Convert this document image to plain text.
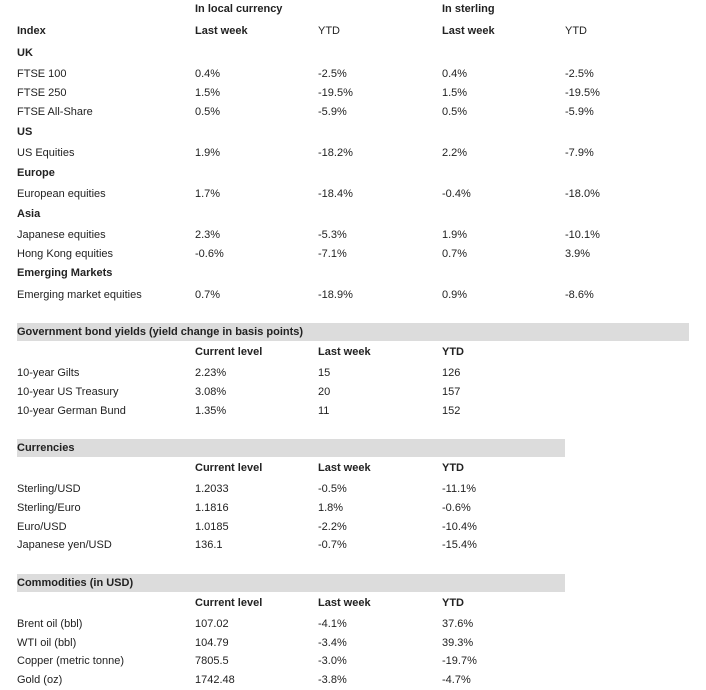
In local currency	In sterling
Index	Last week	YTD	Last week	YTD
UK
FTSE 100	0.4%	-2.5%	0.4%	-2.5%
FTSE 250	1.5%	-19.5%	1.5%	-19.5%
FTSE All-Share	0.5%	-5.9%	0.5%	-5.9%
US
US Equities	1.9%	-18.2%	2.2%	-7.9%
Europe
European equities	1.7%	-18.4%	-0.4%	-18.0%
Asia
Japanese equities	2.3%	-5.3%	1.9%	-10.1%
Hong Kong equities	-0.6%	-7.1%	0.7%	3.9%
Emerging Markets
Emerging market equities	0.7%	-18.9%	0.9%	-8.6%
Government bond yields (yield change in basis points)
Current level	Last week	YTD
10-year Gilts	2.23%	15	126
10-year US Treasury	3.08%	20	157
10-year German Bund	1.35%	11	152
Currencies
Current level	Last week	YTD
Sterling/USD	1.2033	-0.5%	-11.1%
Sterling/Euro	1.1816	1.8%	-0.6%
Euro/USD	1.0185	-2.2%	-10.4%
Japanese yen/USD	136.1	-0.7%	-15.4%
Commodities (in USD)
Current level	Last week	YTD
Brent oil (bbl)	107.02	-4.1%	37.6%
WTI oil (bbl)	104.79	-3.4%	39.3%
Copper (metric tonne)	7805.5	-3.0%	-19.7%
Gold (oz)	1742.48	-3.8%	-4.7%
